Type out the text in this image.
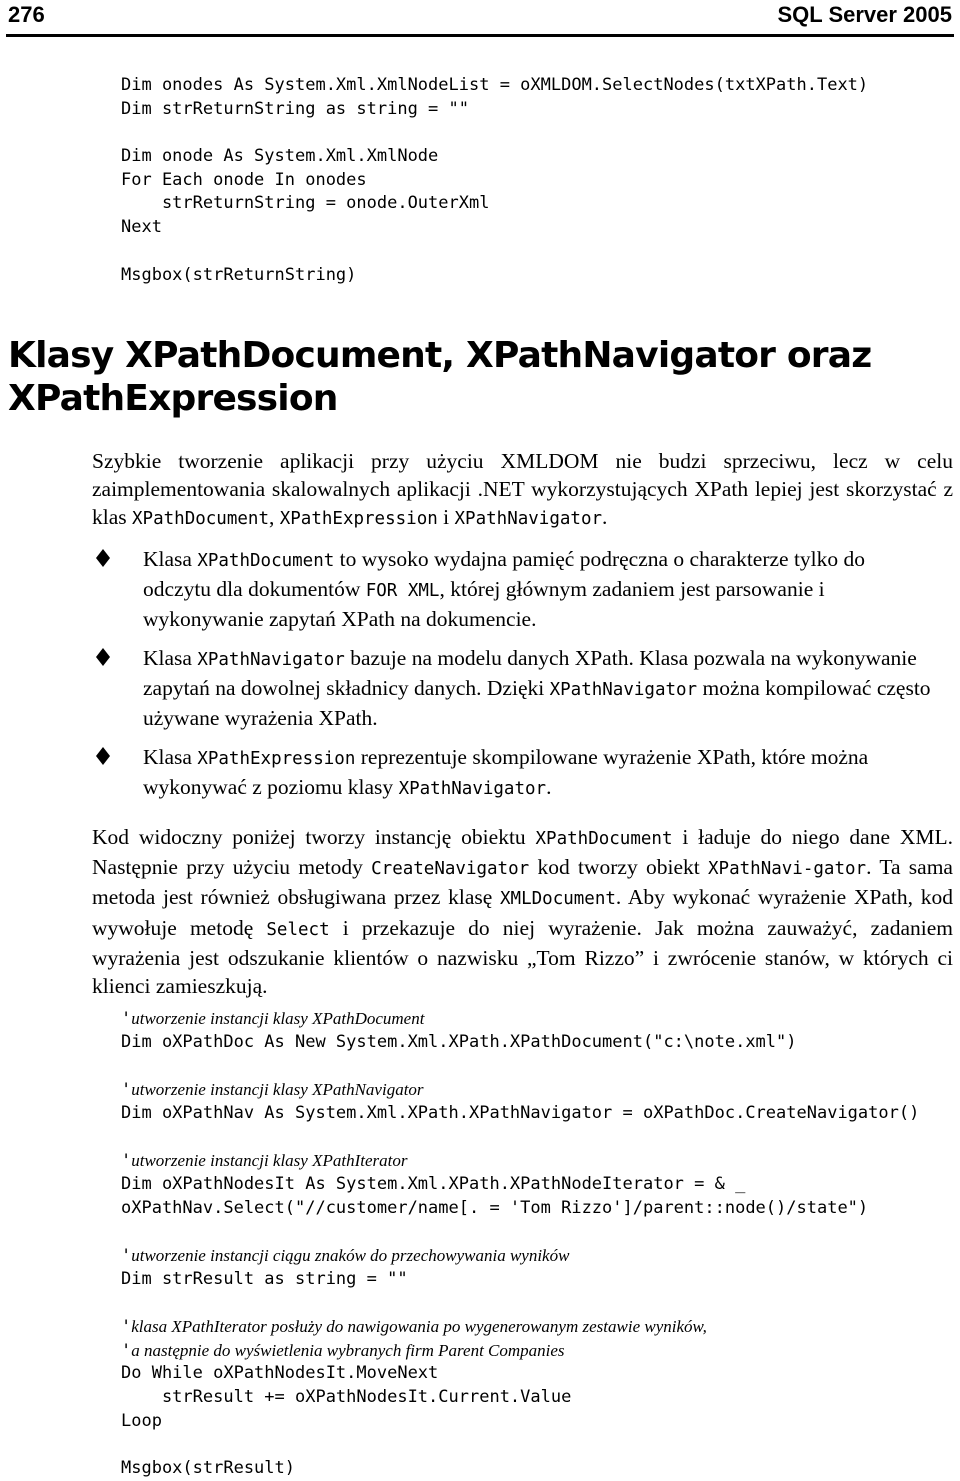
276	SQL Server 2005
Dim onodes As System.Xml.XmlNodeList = oXMLDOM.SelectNodes(txtXPath.Text)
Dim strReturnString as string = ""
Dim onode As System.Xml.XmlNode
For Each onode In onodes
strReturnString = onode.OuterXml
Next
Msgbox(strReturnString)
Klasy XPathDocument, XPathNavigator oraz XPathExpression

Szybkie tworzenie aplikacji przy użyciu XMLDOM nie budzi sprzeciwu, lecz w celu zaimplementowania skalowalnych aplikacji .NET wykorzystujących XPath lepiej jest skorzystać z klas XPathDocument, XPathExpression i XPathNavigator.

Klasa XPathDocument to wysoko wydajna pamięć podręczna o charakterze tylko do odczytu dla dokumentów FOR XML, której głównym zadaniem jest parsowanie i wykonywanie zapytań XPath na dokumencie.

Klasa XPathNavigator bazuje na modelu danych XPath. Klasa pozwala na wykonywanie zapytań na dowolnej składnicy danych. Dzięki XPathNavigator można kompilować często używane wyrażenia XPath.

Klasa XPathExpression reprezentuje skompilowane wyrażenie XPath, które można wykonywać z poziomu klasy XPathNavigator.

Kod widoczny poniżej tworzy instancję obiektu XPathDocument i ładuje do niego dane XML. Następnie przy użyciu metody CreateNavigator kod tworzy obiekt XPathNavi-gator. Ta sama metoda jest również obsługiwana przez klasę XMLDocument. Aby wykonać wyrażenie XPath, kod wywołuje metodę Select i przekazuje do niej wyrażenie. Jak można zauważyć, zadaniem wyrażenia jest odszukanie klientów o nazwisku „Tom Rizzo” i zwrócenie stanów, w których ci klienci zamieszkują.

'utworzenie instancji klasy XPathDocument
Dim oXPathDoc As New System.Xml.XPath.XPathDocument("c:\note.xml")
'utworzenie instancji klasy XPathNavigator
Dim oXPathNav As System.Xml.XPath.XPathNavigator = oXPathDoc.CreateNavigator()
'utworzenie instancji klasy XPathIterator
Dim oXPathNodesIt As System.Xml.XPath.XPathNodeIterator = & _
oXPathNav.Select("//customer/name[. = 'Tom Rizzo']/parent::node()/state")
'utworzenie instancji ciągu znaków do przechowywania wyników
Dim strResult as string = ""
'klasa XPathIterator posłuży do nawigowania po wygenerowanym zestawie wyników,
'a następnie do wyświetlenia wybranych firm Parent Companies
Do While oXPathNodesIt.MoveNext
strResult += oXPathNodesIt.Current.Value
Loop
Msgbox(strResult)
